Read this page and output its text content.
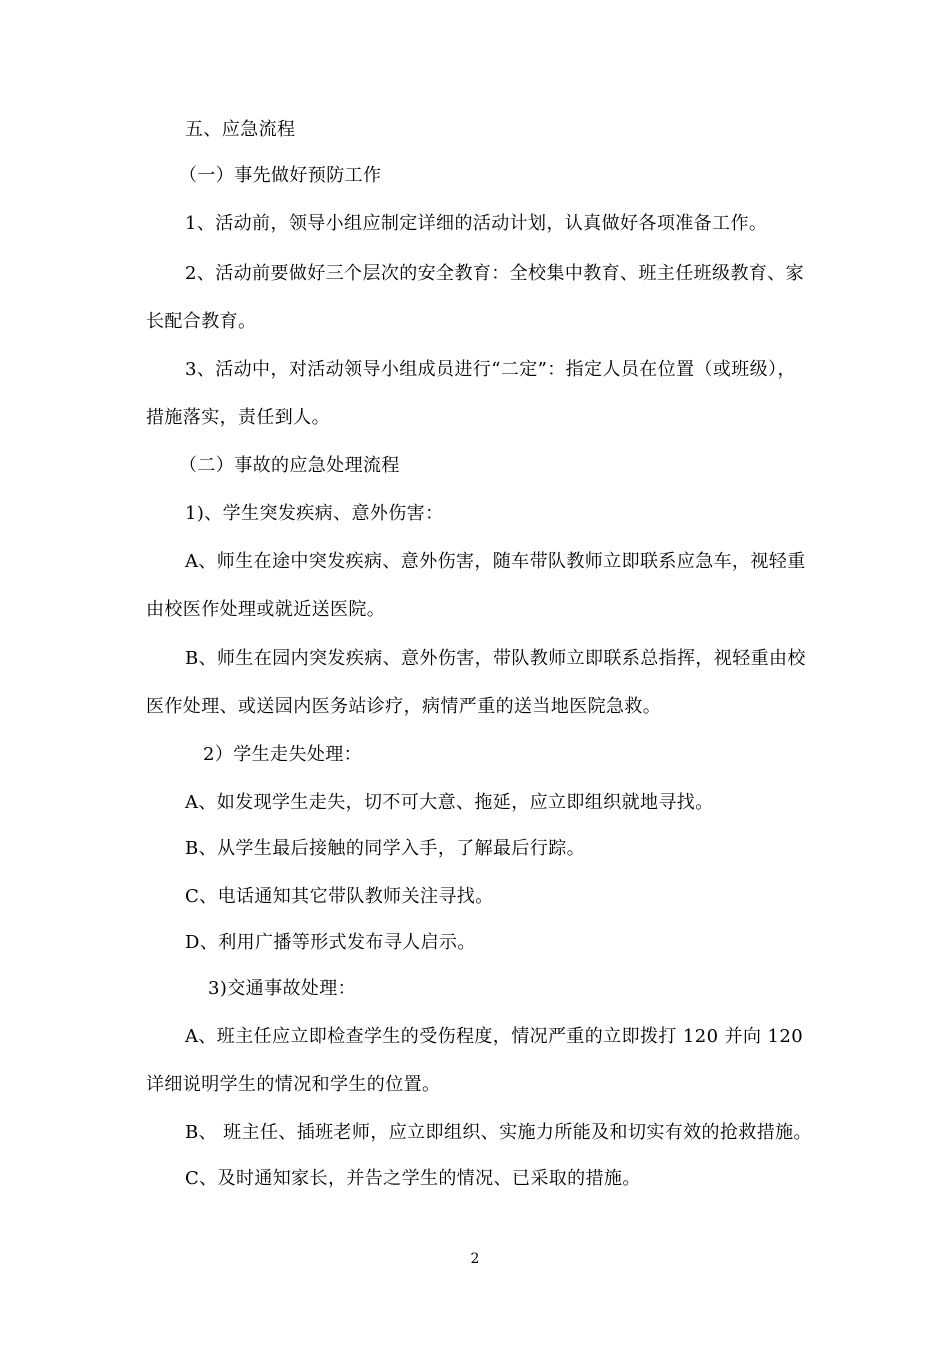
五、应急流程
（一）事先做好预防工作
1、活动前，领导小组应制定详细的活动计划，认真做好各项准备工作。
2、活动前要做好三个层次的安全教育：全校集中教育、班主任班级教育、家
长配合教育。
3、活动中，对活动领导小组成员进行“二定”：指定人员在位置（或班级），
措施落实，责任到人。
（二）事故的应急处理流程
1)、学生突发疾病、意外伤害：
A、师生在途中突发疾病、意外伤害，随车带队教师立即联系应急车，视轻重
由校医作处理或就近送医院。
B、师生在园内突发疾病、意外伤害，带队教师立即联系总指挥，视轻重由校
医作处理、或送园内医务站诊疗，病情严重的送当地医院急救。
2）学生走失处理：
A、如发现学生走失，切不可大意、拖延，应立即组织就地寻找。
B、从学生最后接触的同学入手，了解最后行踪。
C、电话通知其它带队教师关注寻找。
D、利用广播等形式发布寻人启示。
3)交通事故处理：
A、班主任应立即检查学生的受伤程度，情况严重的立即拨打 120 并向 120
详细说明学生的情况和学生的位置。
B、 班主任、插班老师，应立即组织、实施力所能及和切实有效的抢救措施。
C、及时通知家长，并告之学生的情况、已采取的措施。
2
